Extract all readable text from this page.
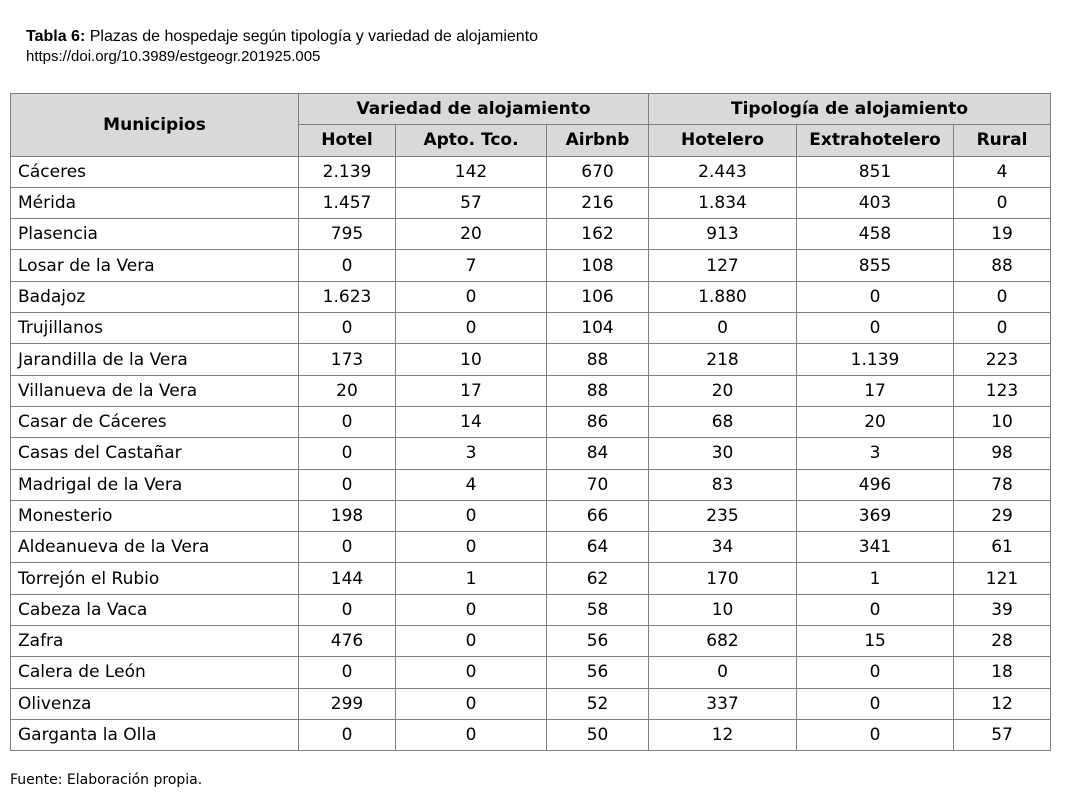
Tabla 6: Plazas de hospedaje según tipología y variedad de alojamiento
https://doi.org/10.3989/estgeogr.201925.005
Municipios	Variedad de alojamiento			Tipología de alojamiento		
	Hotel	Apto. Tco.	Airbnb	Hotelero	Extrahotelero	Rural
Cáceres	2.139	142	670	2.443	851	4
Mérida	1.457	57	216	1.834	403	0
Plasencia	795	20	162	913	458	19
Losar de la Vera	0	7	108	127	855	88
Badajoz	1.623	0	106	1.880	0	0
Trujillanos	0	0	104	0	0	0
Jarandilla de la Vera	173	10	88	218	1.139	223
Villanueva de la Vera	20	17	88	20	17	123
Casar de Cáceres	0	14	86	68	20	10
Casas del Castañar	0	3	84	30	3	98
Madrigal de la Vera	0	4	70	83	496	78
Monesterio	198	0	66	235	369	29
Aldeanueva de la Vera	0	0	64	34	341	61
Torrejón el Rubio	144	1	62	170	1	121
Cabeza la Vaca	0	0	58	10	0	39
Zafra	476	0	56	682	15	28
Calera de León	0	0	56	0	0	18
Olivenza	299	0	52	337	0	12
Garganta la Olla	0	0	50	12	0	57
Fuente: Elaboración propia.
